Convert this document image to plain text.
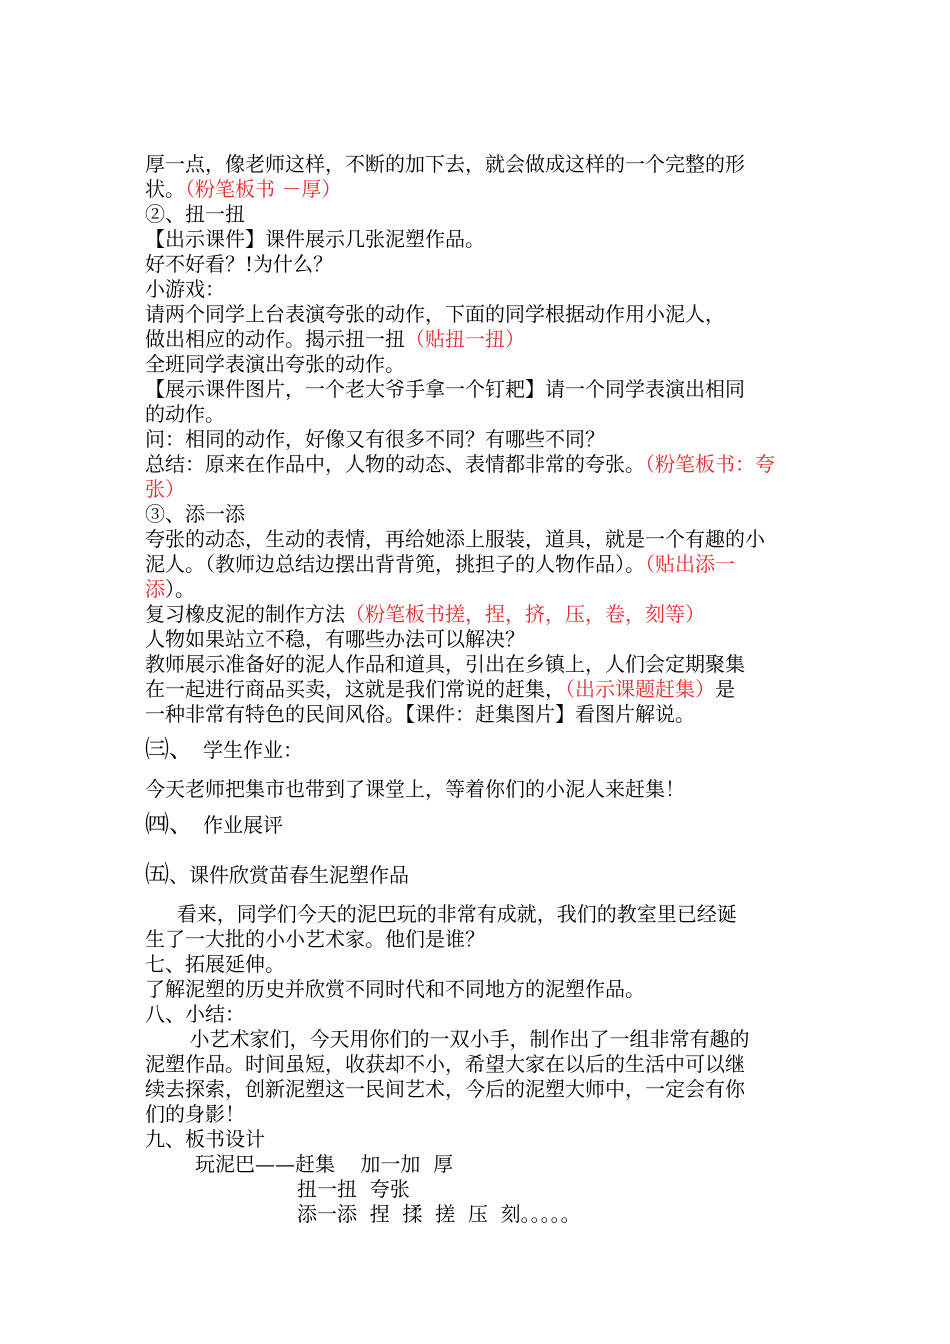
厚一点，像老师这样，不断的加下去，就会做成这样的一个完整的形
状。（粉笔板书 －厚）
②、扭一扭
【出示课件】课件展示几张泥塑作品。
好不好看？!为什么？
小游戏：
请两个同学上台表演夸张的动作，下面的同学根据动作用小泥人，
做出相应的动作。揭示扭一扭（贴扭一扭）
全班同学表演出夸张的动作。
【展示课件图片，一个老大爷手拿一个钉耙】请一个同学表演出相同
的动作。
问：相同的动作，好像又有很多不同？有哪些不同？
总结：原来在作品中，人物的动态、表情都非常的夸张。（粉笔板书：夸
张）
③、添一添
夸张的动态，生动的表情，再给她添上服装，道具，就是一个有趣的小
泥人。（教师边总结边摆出背背篼，挑担子的人物作品）。（贴出添一
添）。
复习橡皮泥的制作方法（粉笔板书搓，捏，挤，压，卷，刻等）
人物如果站立不稳，有哪些办法可以解决？
教师展示准备好的泥人作品和道具，引出在乡镇上，人们会定期聚集
在一起进行商品买卖，这就是我们常说的赶集，（出示课题赶集）是
一种非常有特色的民间风俗。【课件：赶集图片】看图片解说。
㈢、 学生作业：
今天老师把集市也带到了课堂上，等着你们的小泥人来赶集！
㈣、 作业展评
㈤、课件欣赏苗春生泥塑作品
看来，同学们今天的泥巴玩的非常有成就，我们的教室里已经诞
生了一大批的小小艺术家。他们是谁？
七、拓展延伸。
了解泥塑的历史并欣赏不同时代和不同地方的泥塑作品。
八、小结：
小艺术家们，今天用你们的一双小手，制作出了一组非常有趣的
泥塑作品。时间虽短，收获却不小，希望大家在以后的生活中可以继
续去探索，创新泥塑这一民间艺术，今后的泥塑大师中，一定会有你
们的身影！
九、板书设计
玩泥巴——赶集    加一加  厚
扭一扭  夸张
添一添  捏  揉  搓  压  刻。。。。。
